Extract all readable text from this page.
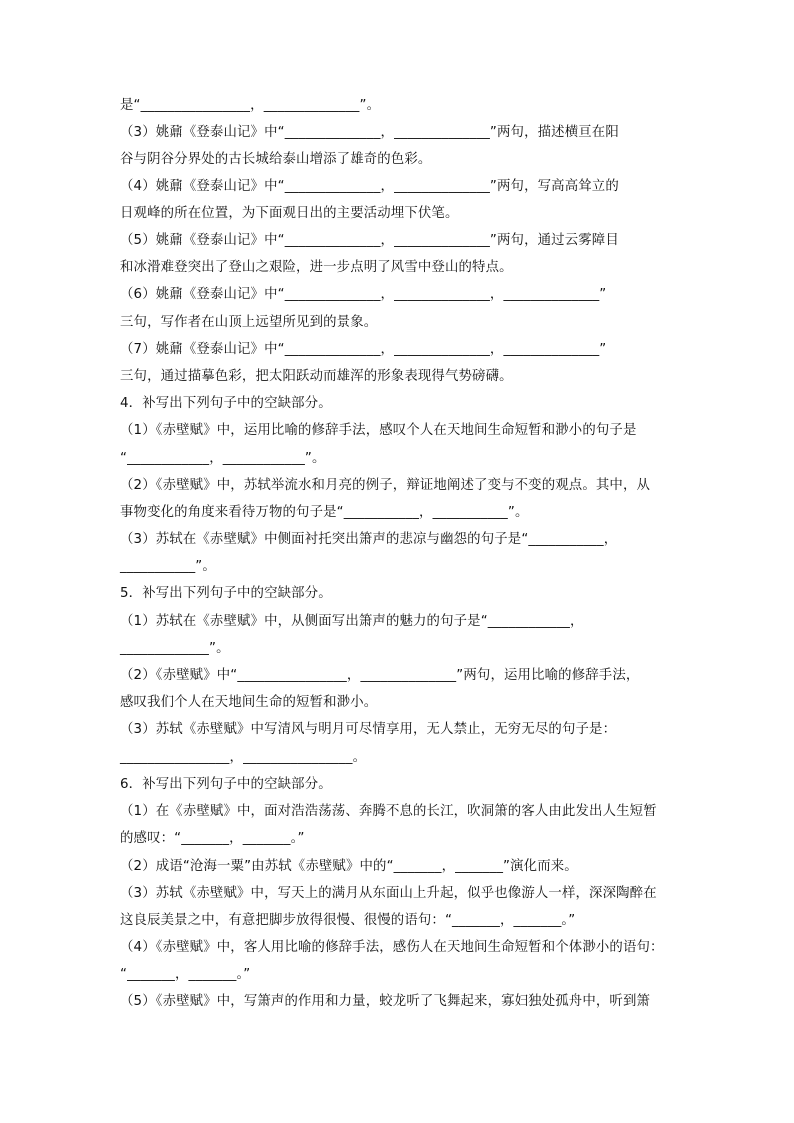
是“________________，______________”。
（3）姚鼐《登泰山记》中“______________，______________”两句，描述横亘在阳
谷与阴谷分界处的古长城给泰山增添了雄奇的色彩。
（4）姚鼐《登泰山记》中“______________，______________”两句，写高高耸立的
日观峰的所在位置，为下面观日出的主要活动埋下伏笔。
（5）姚鼐《登泰山记》中“______________，______________”两句，通过云雾障目
和冰滑难登突出了登山之艰险，进一步点明了风雪中登山的特点。
（6）姚鼐《登泰山记》中“______________，______________，______________”
三句，写作者在山顶上远望所见到的景象。
（7）姚鼐《登泰山记》中“______________，______________，______________”
三句，通过描摹色彩，把太阳跃动而雄浑的形象表现得气势磅礴。
4．补写出下列句子中的空缺部分。
（1）《赤壁赋》中，运用比喻的修辞手法，感叹个人在天地间生命短暂和渺小的句子是
“____________，____________”。
（2）《赤壁赋》中，苏轼举流水和月亮的例子，辩证地阐述了变与不变的观点。其中，从
事物变化的角度来看待万物的句子是“___________，___________”。
（3）苏轼在《赤壁赋》中侧面衬托突出箫声的悲凉与幽怨的句子是“___________，
___________”。
5．补写出下列句子中的空缺部分。
（1）苏轼在《赤壁赋》中，从侧面写出箫声的魅力的句子是“____________，
_____________”。
（2）《赤壁赋》中“________________，______________”两句，运用比喻的修辞手法，
感叹我们个人在天地间生命的短暂和渺小。
（3）苏轼《赤壁赋》中写清风与明月可尽情享用，无人禁止，无穷无尽的句子是：
________________，________________。
6．补写出下列句子中的空缺部分。
（1）在《赤壁赋》中，面对浩浩荡荡、奔腾不息的长江，吹洞箫的客人由此发出人生短暂
的感叹：“_______，_______。”
（2）成语“沧海一粟”由苏轼《赤壁赋》中的“_______，_______”演化而来。
（3）苏轼《赤壁赋》中，写天上的满月从东面山上升起，似乎也像游人一样，深深陶醉在
这良辰美景之中，有意把脚步放得很慢、很慢的语句：“_______，_______。”
（4）《赤壁赋》中，客人用比喻的修辞手法，感伤人在天地间生命短暂和个体渺小的语句：
“_______，_______。”
（5）《赤壁赋》中，写箫声的作用和力量，蛟龙听了飞舞起来，寡妇独处孤舟中，听到箫
